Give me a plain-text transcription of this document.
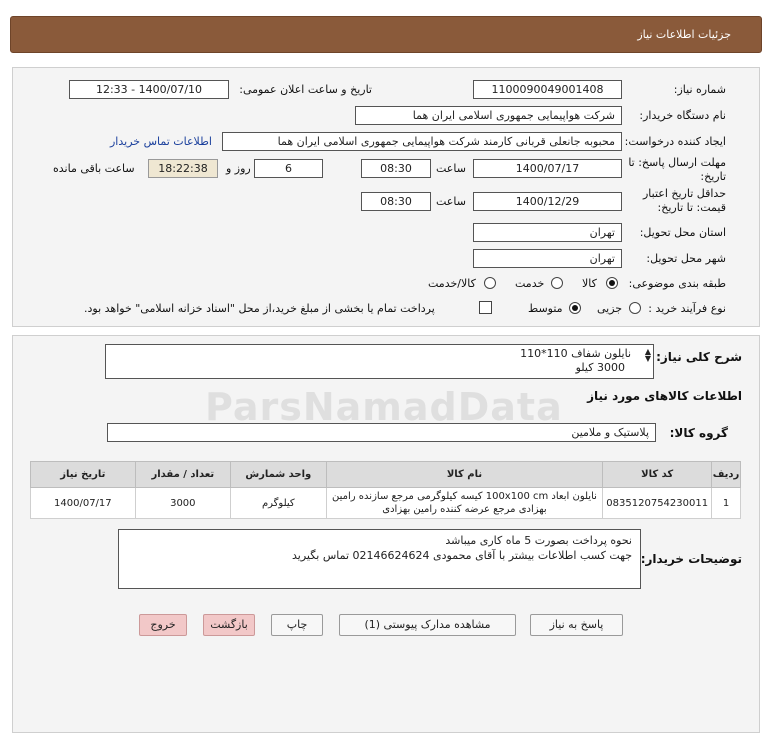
جزئیات اطلاعات نیاز
شماره نیاز:
1100090049001408
تاریخ و ساعت اعلان عمومی:
1400/07/10 - 12:33
نام دستگاه خریدار:
شرکت هواپیمایی جمهوری اسلامی ایران هما
ایجاد کننده درخواست:
محبوبه جانعلی قربانی کارمند شرکت هواپیمایی جمهوری اسلامی ایران هما
اطلاعات تماس خریدار
مهلت ارسال پاسخ: تا
تاریخ:
1400/07/17
ساعت
08:30
6
روز و
18:22:38
ساعت باقی مانده
حداقل تاریخ اعتبار
قیمت: تا تاریخ:
1400/12/29
ساعت
08:30
استان محل تحویل:
تهران
شهر محل تحویل:
تهران
طبقه بندی موضوعی:
کالا
خدمت
کالا/خدمت
نوع فرآیند خرید :
جزیی
متوسط
پرداخت تمام یا بخشی از مبلغ خرید،از محل "اسناد خزانه اسلامی" خواهد بود.
شرح کلی نیاز:
▲
▼
نایلون شفاف 110*110
3000 کیلو
اطلاعات کالاهای مورد نیاز
گروه کالا:
پلاستیک و ملامین
ردیف	کد کالا	نام کالا	واحد شمارش	تعداد / مقدار	تاریخ نیاز
1	0835120754230011	نایلون ابعاد 100x100 cm کیسه کیلوگرمی مرجع سازنده رامین بهزادی مرجع عرضه کننده رامین بهزادی	کیلوگرم	3000	1400/07/17
توضیحات خریدار:
نحوه پرداخت بصورت 5 ماه کاری میباشد
جهت کسب اطلاعات بیشتر با آقای محمودی 02146624624 تماس بگیرید
پاسخ به نیاز
مشاهده مدارک پیوستی (1)
چاپ
بازگشت
خروج
ParsNamadData
